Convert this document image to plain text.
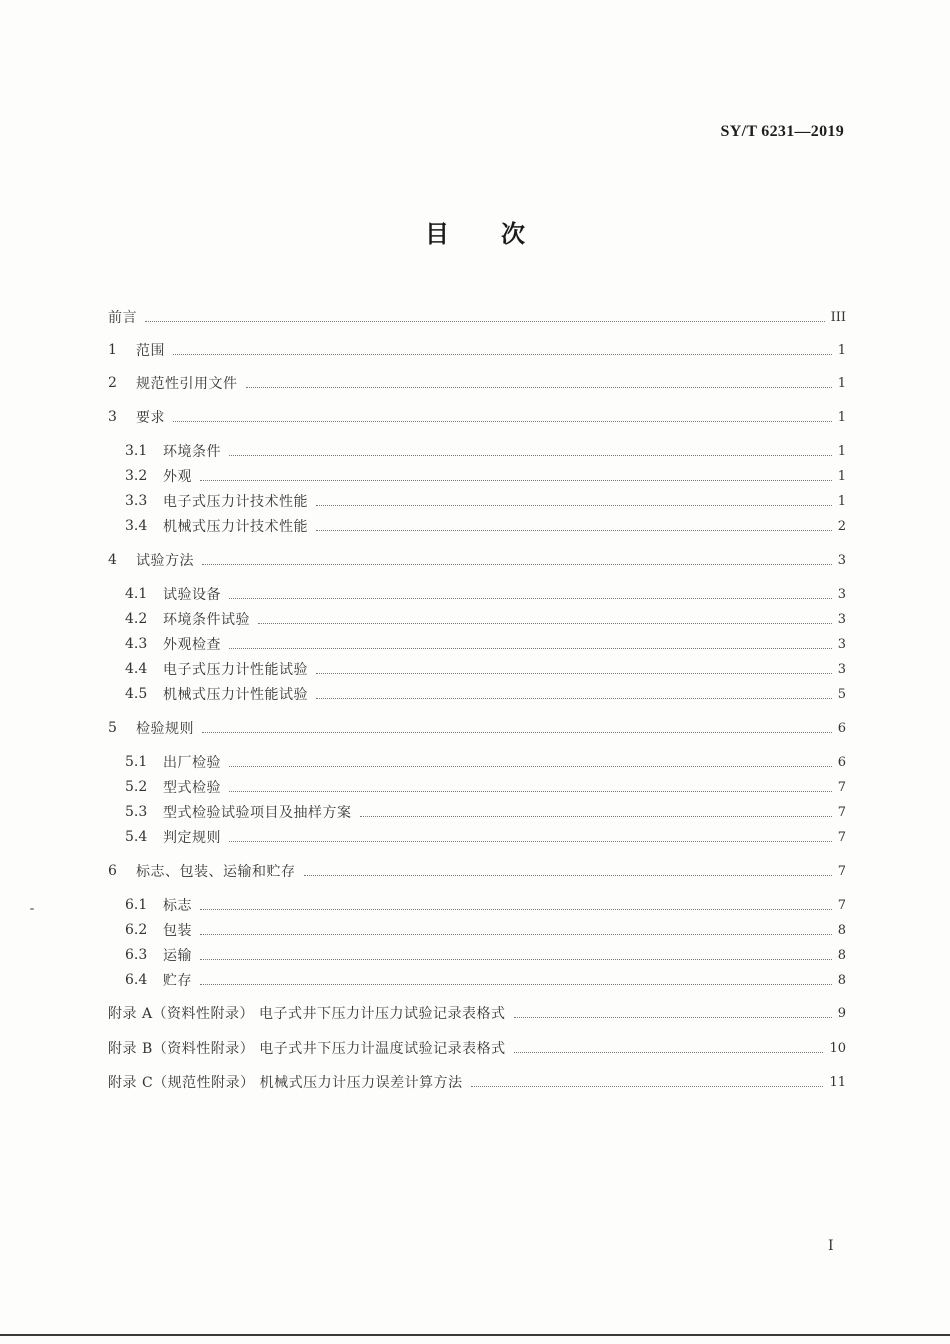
SY/T 6231—2019
目 次
前言	III
1	范围	1
2	规范性引用文件	1
3	要求	1
3.1	环境条件	1
3.2	外观	1
3.3	电子式压力计技术性能	1
3.4	机械式压力计技术性能	2
4	试验方法	3
4.1	试验设备	3
4.2	环境条件试验	3
4.3	外观检查	3
4.4	电子式压力计性能试验	3
4.5	机械式压力计性能试验	5
5	检验规则	6
5.1	出厂检验	6
5.2	型式检验	7
5.3	型式检验试验项目及抽样方案	7
5.4	判定规则	7
6	标志、包装、运输和贮存	7
6.1	标志	7
6.2	包装	8
6.3	运输	8
6.4	贮存	8
附录 A（资料性附录） 电子式井下压力计压力试验记录表格式	9
附录 B（资料性附录） 电子式井下压力计温度试验记录表格式	10
附录 C（规范性附录） 机械式压力计压力误差计算方法	11
I
